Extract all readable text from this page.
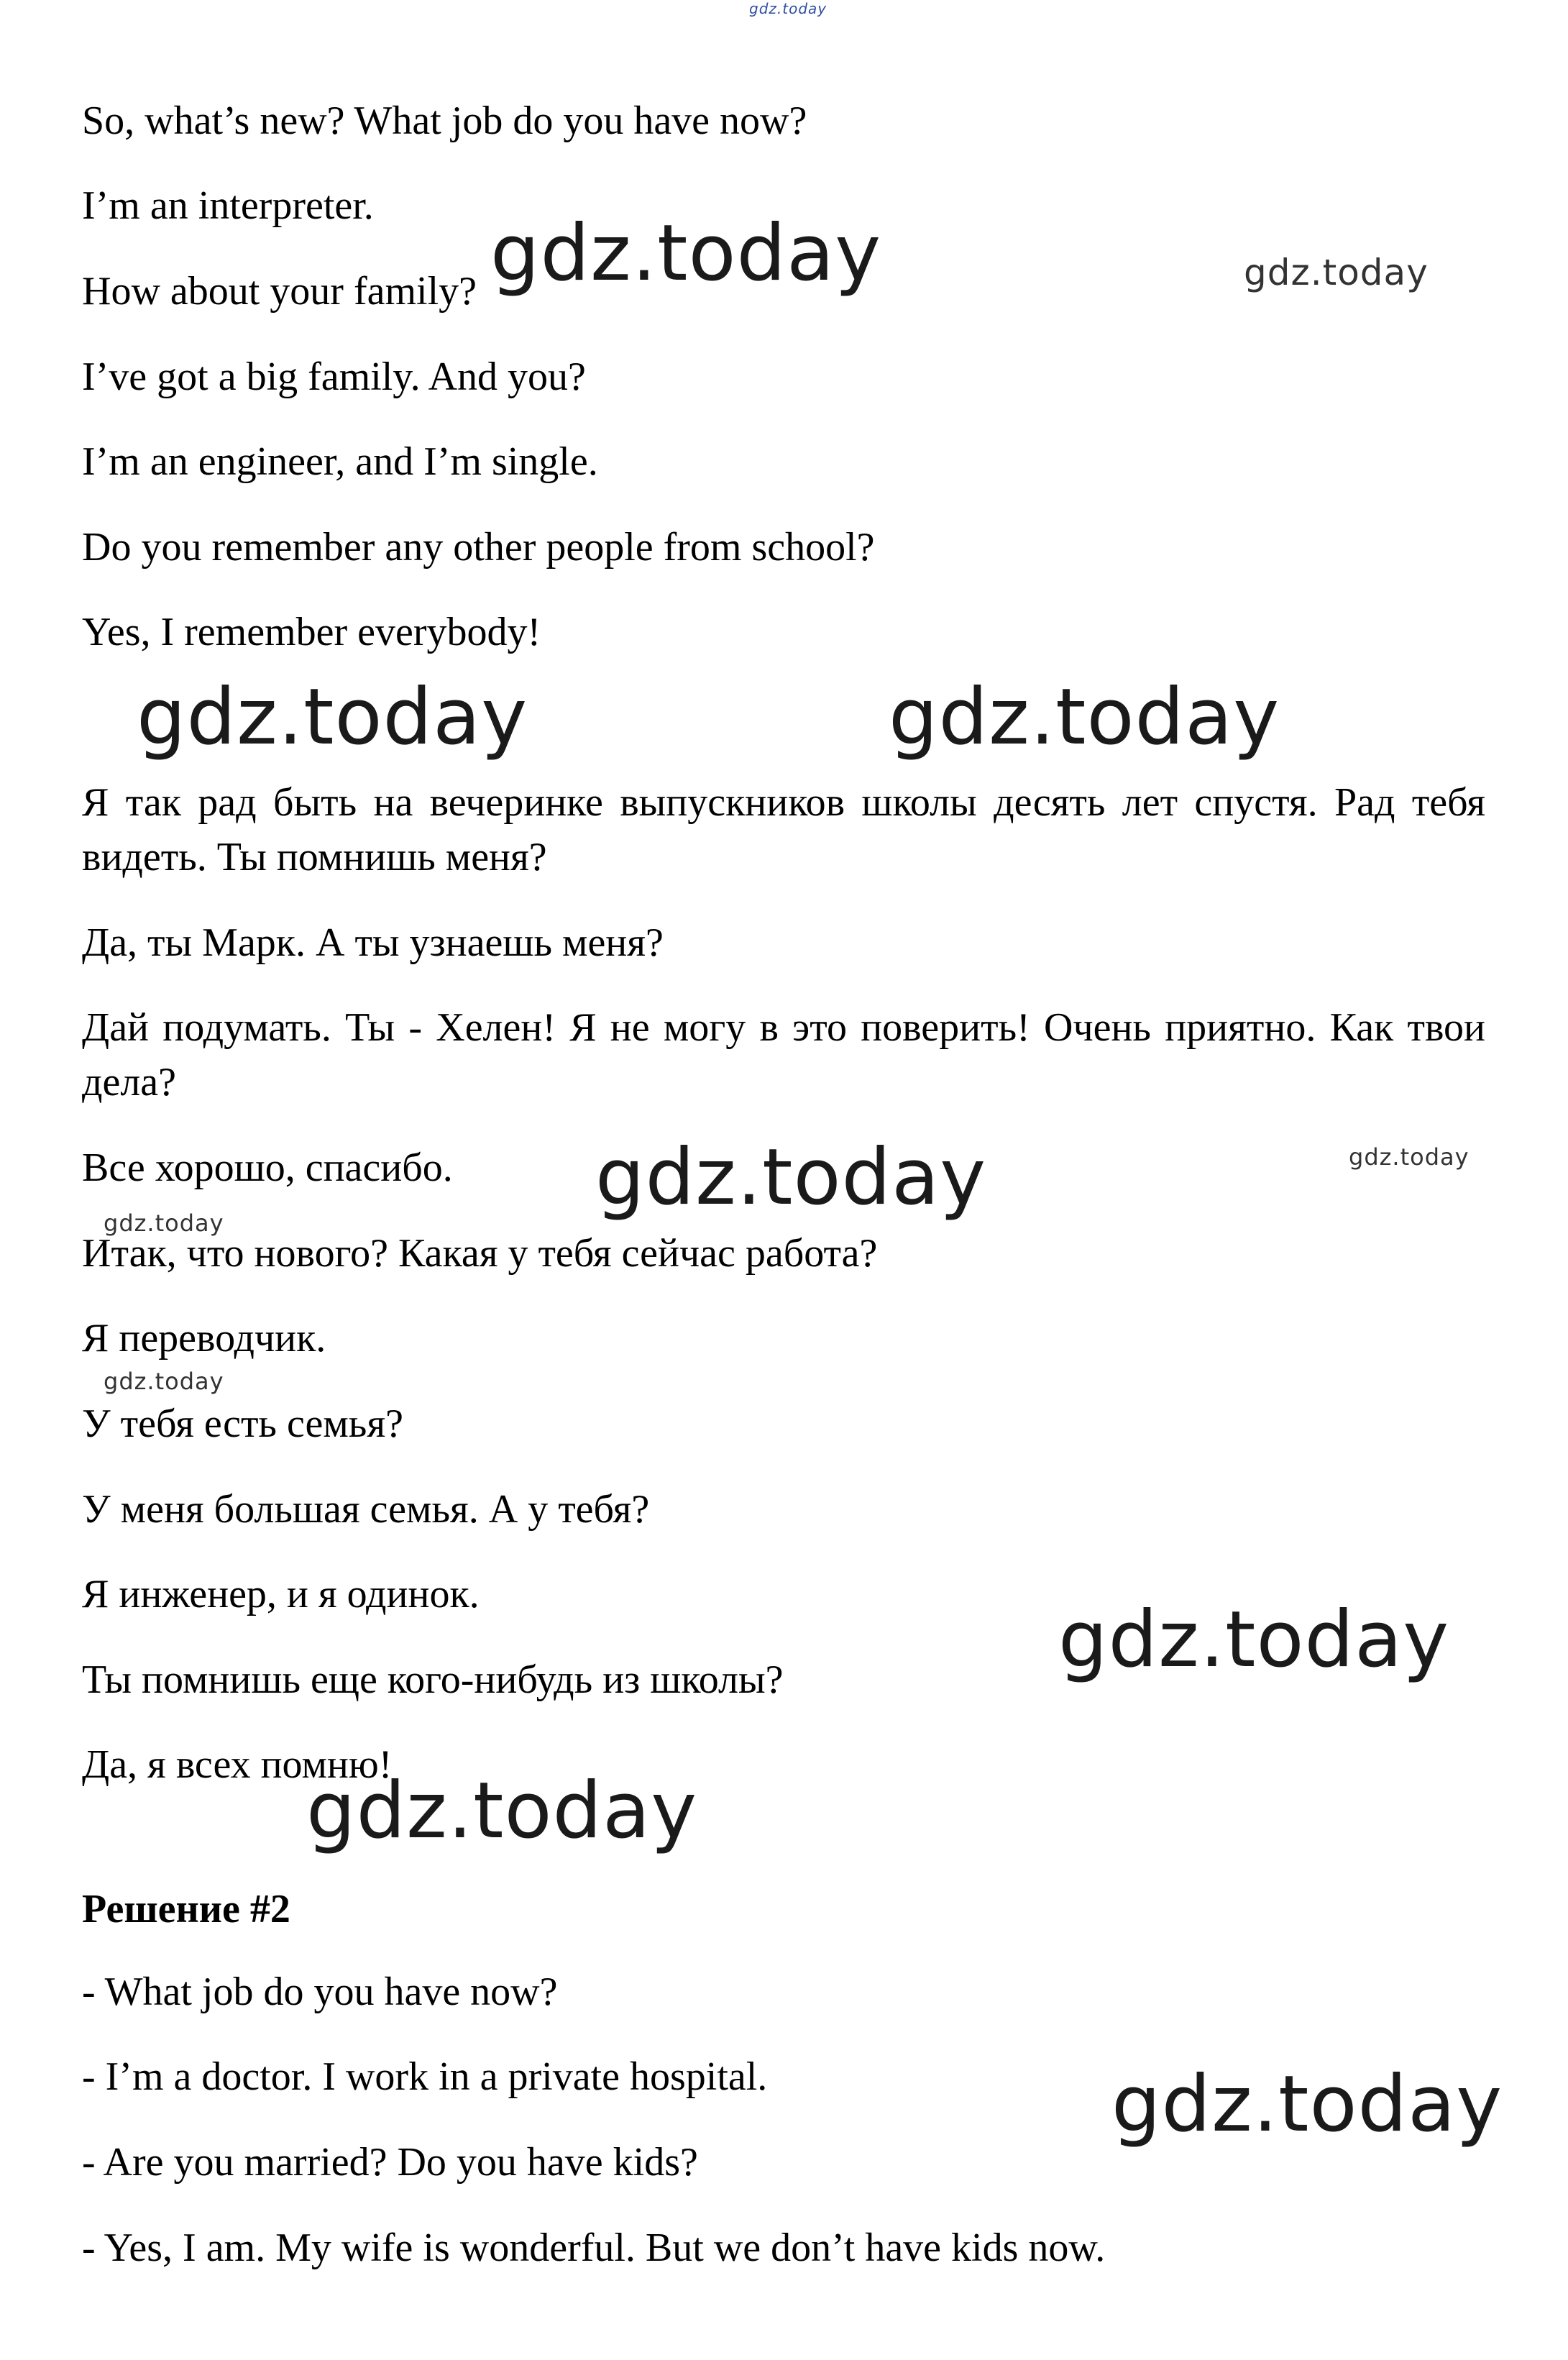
gdz.today
So, what’s new? What job do you have now?
I’m an interpreter.
How about your family?
I’ve got a big family. And you?
I’m an engineer, and I’m single.
Do you remember any other people from school?
Yes, I remember everybody!
Я так рад быть на вечеринке выпускников школы десять лет спустя. Рад тебя видеть. Ты помнишь меня?
Да, ты Марк. А ты узнаешь меня?
Дай подумать. Ты - Хелен! Я не могу в это поверить! Очень приятно. Как твои дела?
Все хорошо, спасибо.
Итак, что нового? Какая у тебя сейчас работа?
Я переводчик.
У тебя есть семья?
У меня большая семья. А у тебя?
Я инженер, и я одинок.
Ты помнишь еще кого-нибудь из школы?
Да, я всех помню!
Решение #2
- What job do you have now?
- I’m a doctor. I work in a private hospital.
- Are you married? Do you have kids?
- Yes, I am. My wife is wonderful. But we don’t have kids now.
gdz.today	gdz.today
gdz.today	gdz.today
gdz.today	gdz.today
gdz.today
gdz.today
gdz.today
gdz.today
gdz.today
